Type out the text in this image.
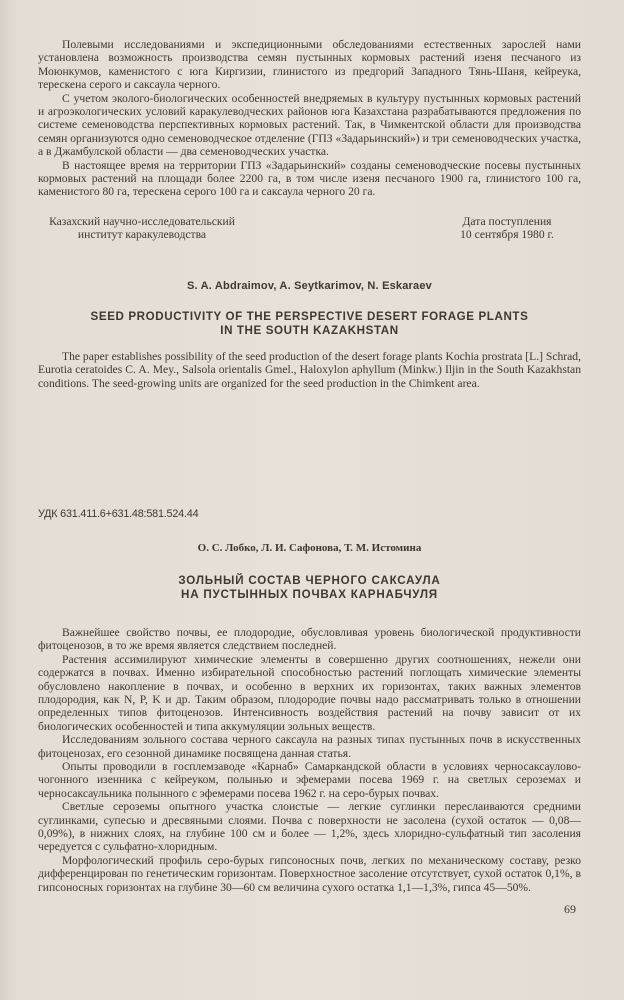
Полевыми исследованиями и экспедиционными обследованиями естественных зарослей нами установлена возможность производства семян пустынных кормовых растений изеня песчаного из Моюнкумов, каменистого с юга Киргизии, глинистого из предгорий Западного Тянь-Шаня, кейреука, терескена серого и саксаула черного.

С учетом эколого-биологических особенностей внедряемых в культуру пустынных кормовых растений и агроэкологических условий каракулеводческих районов юга Казахстана разрабатываются предложения по системе семеноводства перспективных кормовых растений. Так, в Чимкентской области для производства семян организуются одно семеноводческое отделение (ГПЗ «Задарьинский») и три семеноводческих участка, а в Джамбулской области — два семеноводческих участка.

В настоящее время на территории ГПЗ «Задарьинский» созданы семеноводческие посевы пустынных кормовых растений на площади более 2200 га, в том числе изеня песчаного 1900 га, глинистого 100 га, каменистого 80 га, терескена серого 100 га и саксаула черного 20 га.

Казахский научно-исследовательский
институт каракулеводства
Дата поступления
10 сентября 1980 г.
S. A. Abdraimov, A. Seytkarimov, N. Eskaraev
SEED PRODUCTIVITY OF THE PERSPECTIVE DESERT FORAGE PLANTS
IN THE SOUTH KAZAKHSTAN

The paper establishes possibility of the seed production of the desert forage plants Kochia prostrata [L.] Schrad, Eurotia ceratoides C. A. Mey., Salsola orientalis Gmel., Haloxylon aphyllum (Minkw.) Iljin in the South Kazakhstan conditions. The seed-growing units are organized for the seed production in the Chimkent area.

УДК 631.411.6+631.48:581.524.44
О. С. Лобко, Л. И. Сафонова, Т. М. Истомина
ЗОЛЬНЫЙ СОСТАВ ЧЕРНОГО САКСАУЛА
НА ПУСТЫННЫХ ПОЧВАХ КАРНАБЧУЛЯ

Важнейшее свойство почвы, ее плодородие, обусловливая уровень биологической продуктивности фитоценозов, в то же время является следствием последней.

Растения ассимилируют химические элементы в совершенно других соотношениях, нежели они содержатся в почвах. Именно избирательной способностью растений поглощать химические элементы обусловлено накопление в почвах, и особенно в верхних их горизонтах, таких важных элементов плодородия, как N, P, K и др. Таким образом, плодородие почвы надо рассматривать только в отношении определенных типов фитоценозов. Интенсивность воздействия растений на почву зависит от их биологических особенностей и типа аккумуляции зольных веществ.

Исследованиям зольного состава черного саксаула на разных типах пустынных почв в искусственных фитоценозах, его сезонной динамике посвящена данная статья.

Опыты проводили в госплемзаводе «Карнаб» Самаркандской области в условиях черносаксаулово-чогонного изенника с кейреуком, полынью и эфемерами посева 1969 г. на светлых сероземах и черносаксаульника полынного с эфемерами посева 1962 г. на серо-бурых почвах.

Светлые сероземы опытного участка слоистые — легкие суглинки переслаиваются средними суглинками, супесью и дресвяными слоями. Почва с поверхности не засолена (сухой остаток — 0,08—0,09%), в нижних слоях, на глубине 100 см и более — 1,2%, здесь хлоридно-сульфатный тип засоления чередуется с сульфатно-хлоридным.

Морфологический профиль серо-бурых гипсоносных почв, легких по механическому составу, резко дифференцирован по генетическим горизонтам. Поверхностное засоление отсутствует, сухой остаток 0,1%, в гипсоносных горизонтах на глубине 30—60 см величина сухого остатка 1,1—1,3%, гипса 45—50%.

69
